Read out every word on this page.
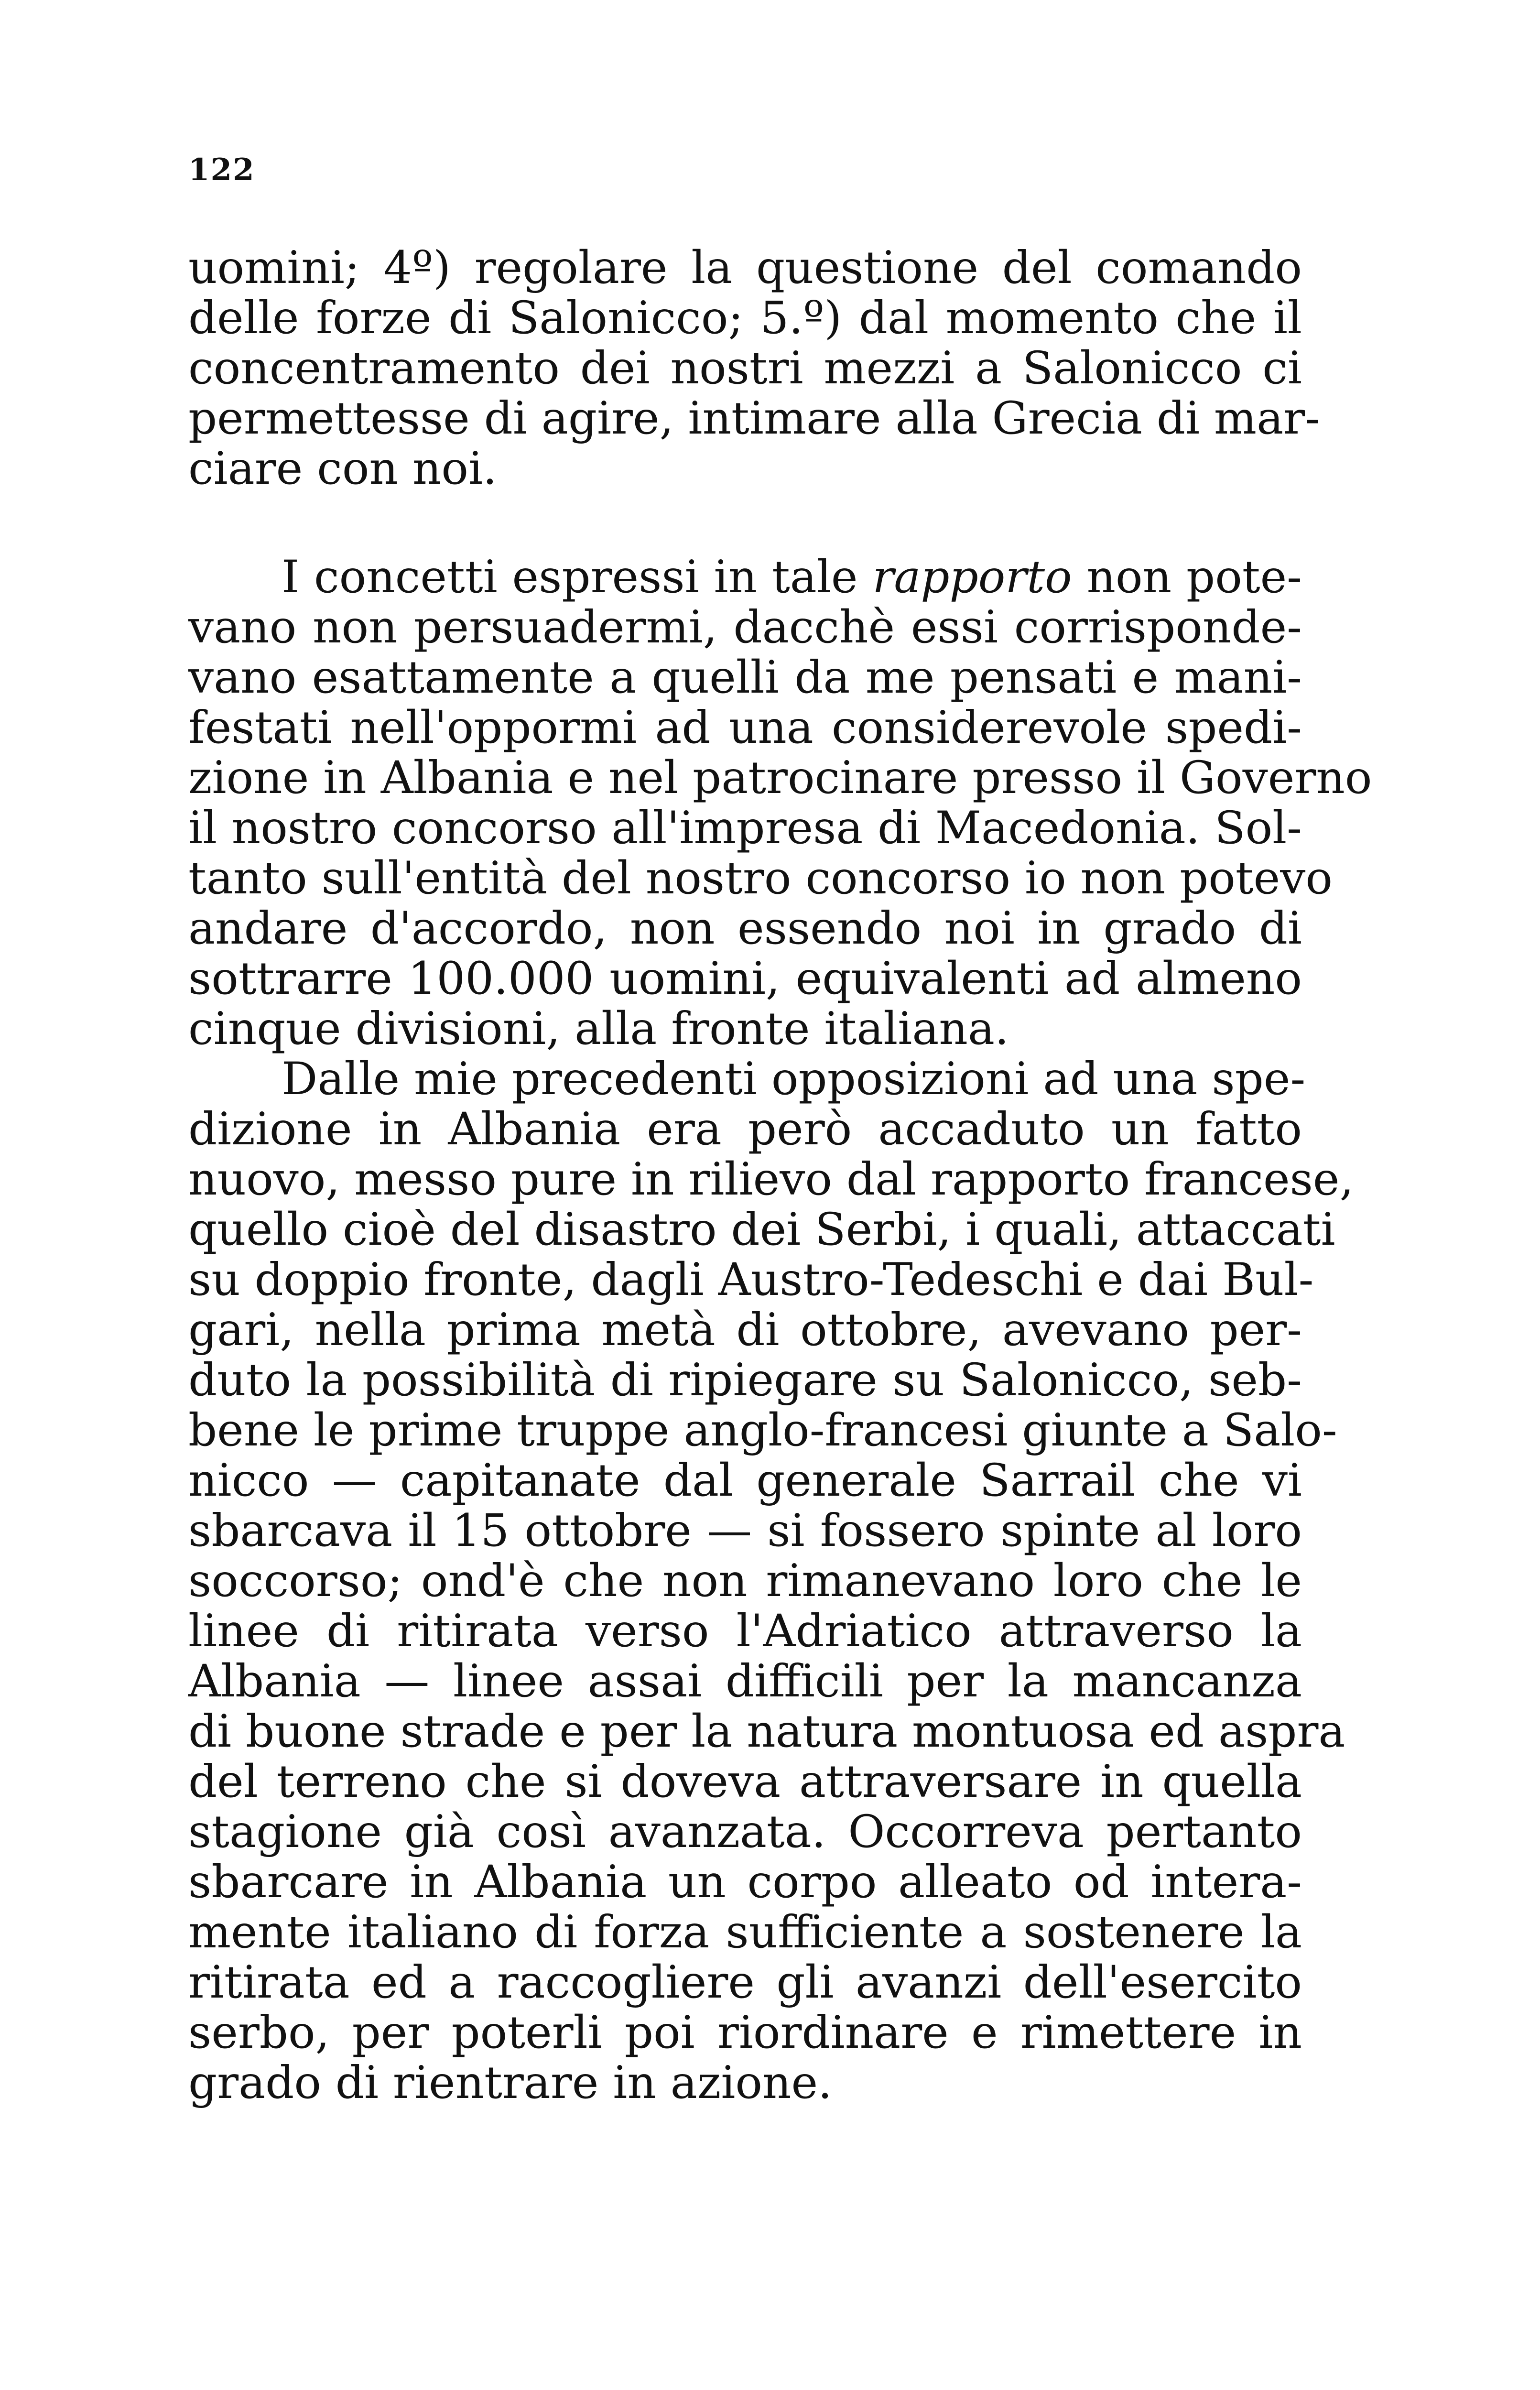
122
uomini; 4º) regolare la questione del comando
delle forze di Salonicco; 5.º) dal momento che il
concentramento dei nostri mezzi a Salonicco ci
permettesse di agire, intimare alla Grecia di mar-
ciare con noi.
I concetti espressi in tale rapporto non pote-
vano non persuadermi, dacchè essi corrisponde-
vano esattamente a quelli da me pensati e mani-
festati nell'oppormi ad una considerevole spedi-
zione in Albania e nel patrocinare presso il Governo
il nostro concorso all'impresa di Macedonia. Sol-
tanto sull'entità del nostro concorso io non potevo
andare d'accordo, non essendo noi in grado di
sottrarre 100.000 uomini, equivalenti ad almeno
cinque divisioni, alla fronte italiana.
Dalle mie precedenti opposizioni ad una spe-
dizione in Albania era però accaduto un fatto
nuovo, messo pure in rilievo dal rapporto francese,
quello cioè del disastro dei Serbi, i quali, attaccati
su doppio fronte, dagli Austro-Tedeschi e dai Bul-
gari, nella prima metà di ottobre, avevano per-
duto la possibilità di ripiegare su Salonicco, seb-
bene le prime truppe anglo-francesi giunte a Salo-
nicco — capitanate dal generale Sarrail che vi
sbarcava il 15 ottobre — si fossero spinte al loro
soccorso; ond'è che non rimanevano loro che le
linee di ritirata verso l'Adriatico attraverso la
Albania — linee assai difficili per la mancanza
di buone strade e per la natura montuosa ed aspra
del terreno che si doveva attraversare in quella
stagione già così avanzata. Occorreva pertanto
sbarcare in Albania un corpo alleato od intera-
mente italiano di forza sufficiente a sostenere la
ritirata ed a raccogliere gli avanzi dell'esercito
serbo, per poterli poi riordinare e rimettere in
grado di rientrare in azione.
